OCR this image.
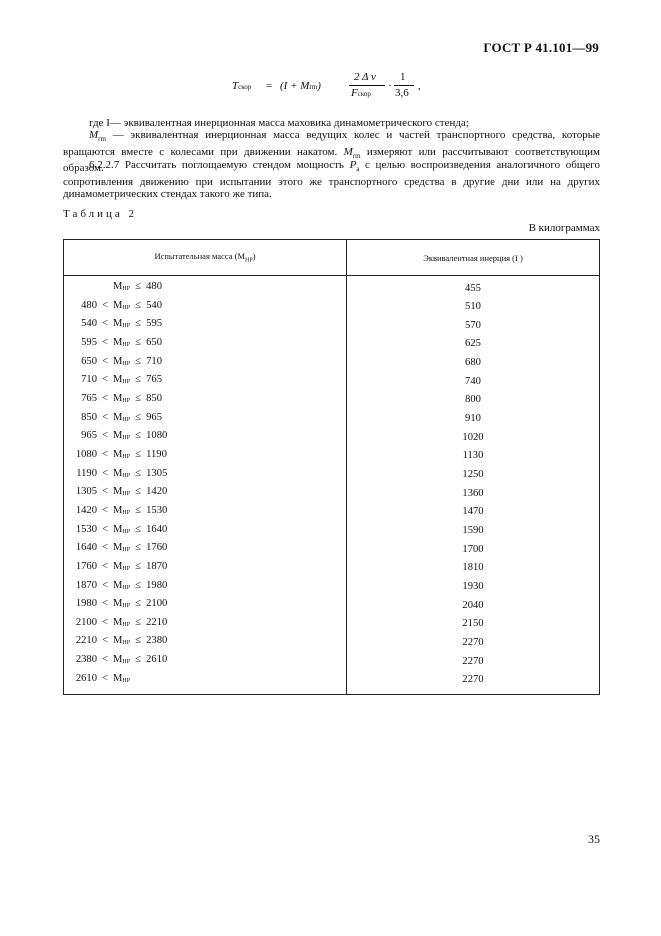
ГОСТ Р 41.101—99
Tскор = (I + Mrm)
2 Δ v
Fскор
·
1
3,6
,
где I— эквивалентная инерционная масса маховика динамометрического стенда;
$M_{rm}$ — эквивалентная инерционная масса ведущих колес и частей транспортного средства, которые вращаются вместе с колесами при движении накатом. $M_{rm}$ измеряют или рассчитывают соответствующим образом.
6.2.2.7 Рассчитать поглощаемую стендом мощность $P_a$ с целью воспроизведения аналогичного общего сопротивления движению при испытании этого же транспортного средства в другие дни или на других динамометрических стендах такого же типа.
Таблица 2
В килограммах
Испытательная масса $(М_{HP})$	Эквивалентная инерция (I )
$М_{HP} \le 480$	455
$480 < М_{HP} \le 540$	510
$540 < М_{HP} \le 595$	570
$595 < М_{HP} \le 650$	625
$650 < М_{HP} \le 710$	680
$710 < М_{HP} \le 765$	740
$765 < М_{HP} \le 850$	800
$850 < М_{HP} \le 965$	910
$965 < М_{HP} \le 1080$	1020
$1080 < М_{HP} \le 1190$	1130
$1190 < М_{HP} \le 1305$	1250
$1305 < М_{HP} \le 1420$	1360
$1420 < М_{HP} \le 1530$	1470
$1530 < М_{HP} \le 1640$	1590
$1640 < М_{HP} \le 1760$	1700
$1760 < М_{HP} \le 1870$	1810
$1870 < М_{HP} \le 1980$	1930
$1980 < М_{HP} \le 2100$	2040
$2100 < М_{HP} \le 2210$	2150
$2210 < М_{HP} \le 2380$	2270
$2380 < М_{HP} \le 2610$	2270
$2610 < М_{HP}$	2270
35
